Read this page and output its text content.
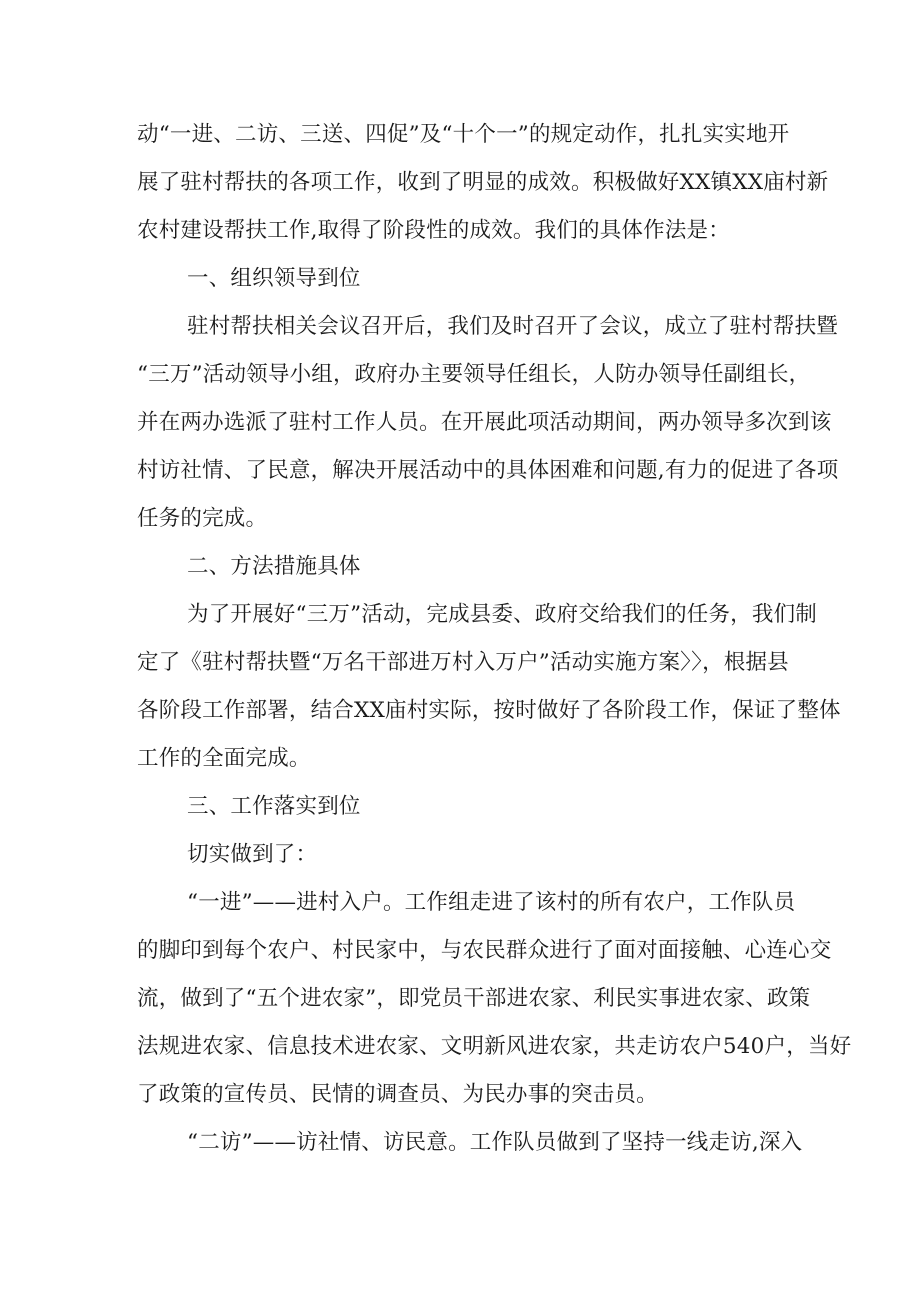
动“一进、二访、三送、四促”及“十个一”的规定动作，扎扎实实地开
展了驻村帮扶的各项工作，收到了明显的成效。积极做好XX镇XX庙村新
农村建设帮扶工作,取得了阶段性的成效。我们的具体作法是：
一、组织领导到位
驻村帮扶相关会议召开后，我们及时召开了会议，成立了驻村帮扶暨
“三万”活动领导小组，政府办主要领导任组长，人防办领导任副组长，
并在两办选派了驻村工作人员。在开展此项活动期间，两办领导多次到该
村访社情、了民意，解决开展活动中的具体困难和问题,有力的促进了各项
任务的完成。
二、方法措施具体
为了开展好“三万”活动，完成县委、政府交给我们的任务，我们制
定了《驻村帮扶暨“万名干部进万村入万户”活动实施方案〉〉，根据县
各阶段工作部署，结合XX庙村实际，按时做好了各阶段工作，保证了整体
工作的全面完成。
三、工作落实到位
切实做到了：
“一进”——进村入户。工作组走进了该村的所有农户，工作队员
的脚印到每个农户、村民家中，与农民群众进行了面对面接触、心连心交
流，做到了“五个进农家”，即党员干部进农家、利民实事进农家、政策
法规进农家、信息技术进农家、文明新风进农家，共走访农户540户，当好
了政策的宣传员、民情的调查员、为民办事的突击员。
“二访”——访社情、访民意。工作队员做到了坚持一线走访,深入
